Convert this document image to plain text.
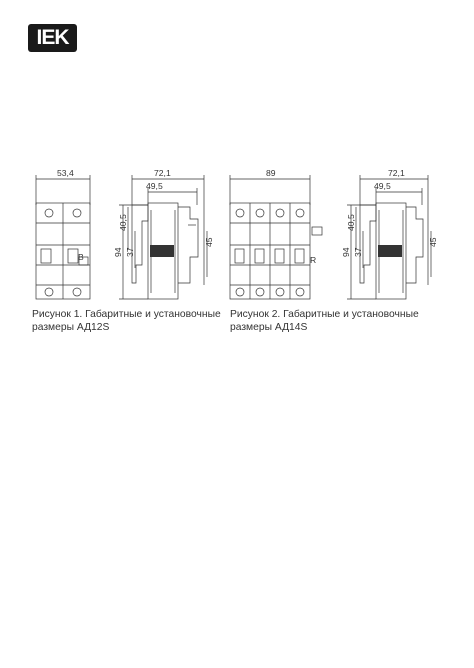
IEK
53,4
B
72,1
49,5
40,5
94 37
45
Рисунок 1. Габаритные и установочные
размеры АД12S
89
R
72,1
49,5
40,5
94 37
45
Рисунок 2. Габаритные и установочные
размеры АД14S
